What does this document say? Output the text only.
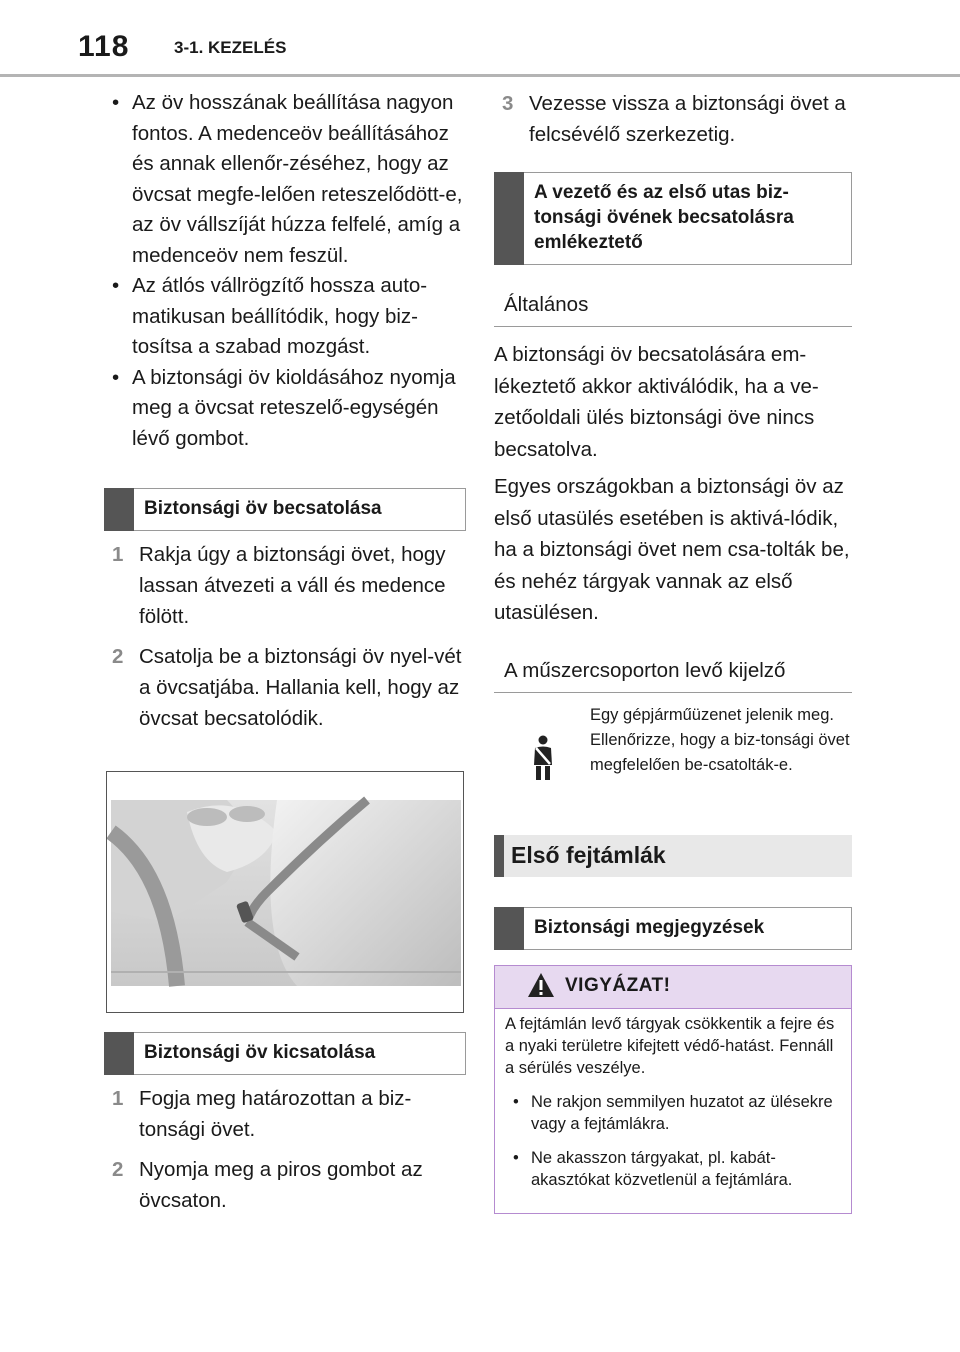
118	3-1. KEZELÉS
• Az öv hosszának beállítása nagyon fontos. A medenceöv beállításához és annak ellenőr-zéséhez, hogy az övcsat megfe-lelően reteszelődött-e, az öv vállszíját húzza felfelé, amíg a medenceöv nem feszül.
• Az átlós vállrögzítő hossza auto-matikusan beállítódik, hogy biz-tosítsa a szabad mozgást.
• A biztonsági öv kioldásához nyomja meg a övcsat reteszelő-egységén lévő gombot.
Biztonsági öv becsatolása
1 Rakja úgy a biztonsági övet, hogy lassan átvezeti a váll és medence fölött.
2 Csatolja be a biztonsági öv nyel-vét a övcsatjába. Hallania kell, hogy az övcsat becsatolódik.
Biztonsági öv kicsatolása
1 Fogja meg határozottan a biz-tonsági övet.
2 Nyomja meg a piros gombot az övcsaton.
3 Vezesse vissza a biztonsági övet a felcsévélő szerkezetig.
A vezető és az első utas biz-tonsági övének becsatolásra emlékeztető
Általános

A biztonsági öv becsatolására em-lékeztető akkor aktiválódik, ha a ve-zetőoldali ülés biztonsági öve nincs becsatolva.

Egyes országokban a biztonsági öv az első utasülés esetében is aktivá-lódik, ha a biztonsági övet nem csa-tolták be, és nehéz tárgyak vannak az első utasülésen.

A műszercsoporton levő kijelző
Egy gépjárműüzenet jelenik meg. Ellenőrizze, hogy a biz-tonsági övet megfelelően be-csatolták-e.
Első fejtámlák
Biztonsági megjegyzések
VIGYÁZAT!

A fejtámlán levő tárgyak csökkentik a fejre és a nyaki területre kifejtett védő-hatást. Fennáll a sérülés veszélye.

• Ne rakjon semmilyen huzatot az ülésekre vagy a fejtámlákra.
• Ne akasszon tárgyakat, pl. kabát-akasztókat közvetlenül a fejtámlára.
